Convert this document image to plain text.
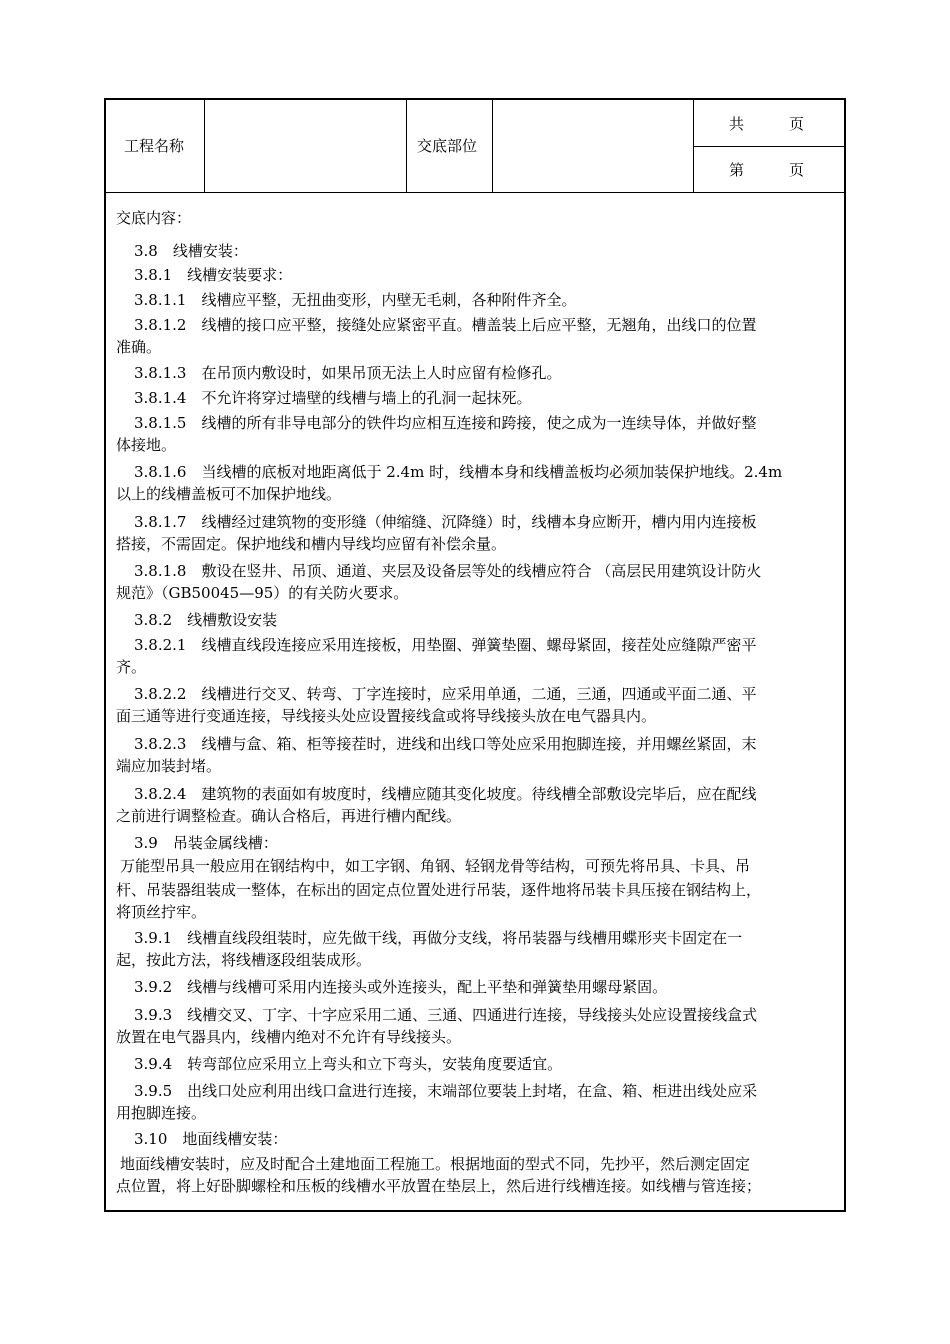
工程名称	交底部位
共　　　页
第　　　页
交底内容：
3.8　线槽安装：
3.8.1　线槽安装要求：
3.8.1.1　线槽应平整，无扭曲变形，内壁无毛刺，各种附件齐全。
3.8.1.2　线槽的接口应平整，接缝处应紧密平直。槽盖装上后应平整，无翘角，出线口的位置
准确。
3.8.1.3　在吊顶内敷设时，如果吊顶无法上人时应留有检修孔。
3.8.1.4　不允许将穿过墙壁的线槽与墙上的孔洞一起抹死。
3.8.1.5　线槽的所有非导电部分的铁件均应相互连接和跨接，使之成为一连续导体，并做好整
体接地。
3.8.1.6　当线槽的底板对地距离低于 2.4m 时，线槽本身和线槽盖板均必须加装保护地线。2.4m
以上的线槽盖板可不加保护地线。
3.8.1.7　线槽经过建筑物的变形缝（伸缩缝、沉降缝）时，线槽本身应断开，槽内用内连接板
搭接，不需固定。保护地线和槽内导线均应留有补偿余量。
3.8.1.8　敷设在竖井、吊顶、通道、夹层及设备层等处的线槽应符合 （高层民用建筑设计防火
规范》（GB50045—95）的有关防火要求。
3.8.2　线槽敷设安装
3.8.2.1　线槽直线段连接应采用连接板，用垫圈、弹簧垫圈、螺母紧固，接茬处应缝隙严密平
齐。
3.8.2.2　线槽进行交叉、转弯、丁字连接时，应采用单通，二通，三通，四通或平面二通、平
面三通等进行变通连接，导线接头处应设置接线盒或将导线接头放在电气器具内。
3.8.2.3　线槽与盒、箱、柜等接茬时，进线和出线口等处应采用抱脚连接，并用螺丝紧固，末
端应加装封堵。
3.8.2.4　建筑物的表面如有坡度时，线槽应随其变化坡度。待线槽全部敷设完毕后，应在配线
之前进行调整检查。确认合格后，再进行槽内配线。
3.9　吊装金属线槽：
万能型吊具一般应用在钢结构中，如工字钢、角钢、轻钢龙骨等结构，可预先将吊具、卡具、吊
杆、吊装器组装成一整体，在标出的固定点位置处进行吊装，逐件地将吊装卡具压接在钢结构上，
将顶丝拧牢。
3.9.1　线槽直线段组装时，应先做干线，再做分支线，将吊装器与线槽用蝶形夹卡固定在一
起，按此方法，将线槽逐段组装成形。
3.9.2　线槽与线槽可采用内连接头或外连接头，配上平垫和弹簧垫用螺母紧固。
3.9.3　线槽交叉、丁字、十字应采用二通、三通、四通进行连接，导线接头处应设置接线盒式
放置在电气器具内，线槽内绝对不允许有导线接头。
3.9.4　转弯部位应采用立上弯头和立下弯头，安装角度要适宜。
3.9.5　出线口处应利用出线口盒进行连接，末端部位要装上封堵，在盒、箱、柜进出线处应采
用抱脚连接。
3.10　地面线槽安装：
地面线槽安装时，应及时配合土建地面工程施工。根据地面的型式不同，先抄平，然后测定固定
点位置，将上好卧脚螺栓和压板的线槽水平放置在垫层上，然后进行线槽连接。如线槽与管连接；
